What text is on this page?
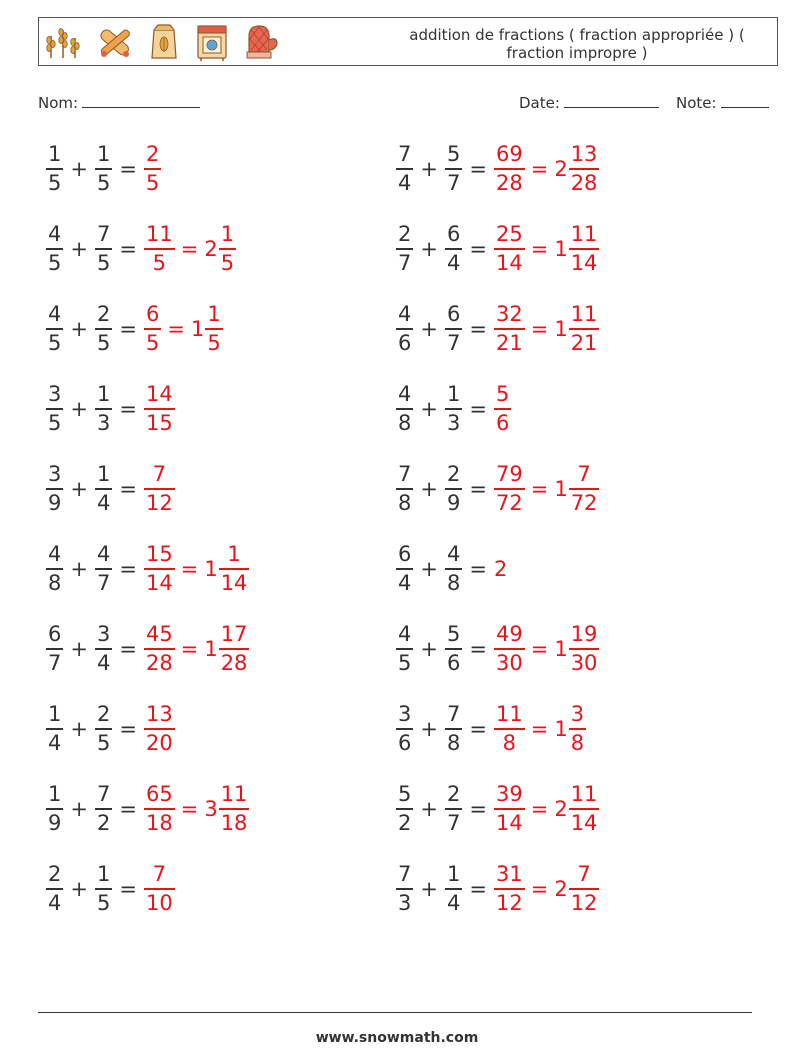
addition de fractions ( fraction appropriée ) ( fraction impropre )
Nom:	Date:	Note:
$\frac{1}{5} + \frac{1}{5} = \frac{2}{5}$
$\frac{4}{5} + \frac{7}{5} = \frac{11}{5} = 2 \frac{1}{5}$
$\frac{4}{5} + \frac{2}{5} = \frac{6}{5} = 1 \frac{1}{5}$
$\frac{3}{5} + \frac{1}{3} = \frac{14}{15}$
$\frac{3}{9} + \frac{1}{4} = \frac{7}{12}$
$\frac{4}{8} + \frac{4}{7} = \frac{15}{14} = 1 \frac{1}{14}$
$\frac{6}{7} + \frac{3}{4} = \frac{45}{28} = 1 \frac{17}{28}$
$\frac{1}{4} + \frac{2}{5} = \frac{13}{20}$
$\frac{1}{9} + \frac{7}{2} = \frac{65}{18} = 3 \frac{11}{18}$
$\frac{2}{4} + \frac{1}{5} = \frac{7}{10}$
$\frac{7}{4} + \frac{5}{7} = \frac{69}{28} = 2 \frac{13}{28}$
$\frac{2}{7} + \frac{6}{4} = \frac{25}{14} = 1 \frac{11}{14}$
$\frac{4}{6} + \frac{6}{7} = \frac{32}{21} = 1 \frac{11}{21}$
$\frac{4}{8} + \frac{1}{3} = \frac{5}{6}$
$\frac{7}{8} + \frac{2}{9} = \frac{79}{72} = 1 \frac{7}{72}$
$\frac{6}{4} + \frac{4}{8} = 2$
$\frac{4}{5} + \frac{5}{6} = \frac{49}{30} = 1 \frac{19}{30}$
$\frac{3}{6} + \frac{7}{8} = \frac{11}{8} = 1 \frac{3}{8}$
$\frac{5}{2} + \frac{2}{7} = \frac{39}{14} = 2 \frac{11}{14}$
$\frac{7}{3} + \frac{1}{4} = \frac{31}{12} = 2 \frac{7}{12}$
www.snowmath.com
